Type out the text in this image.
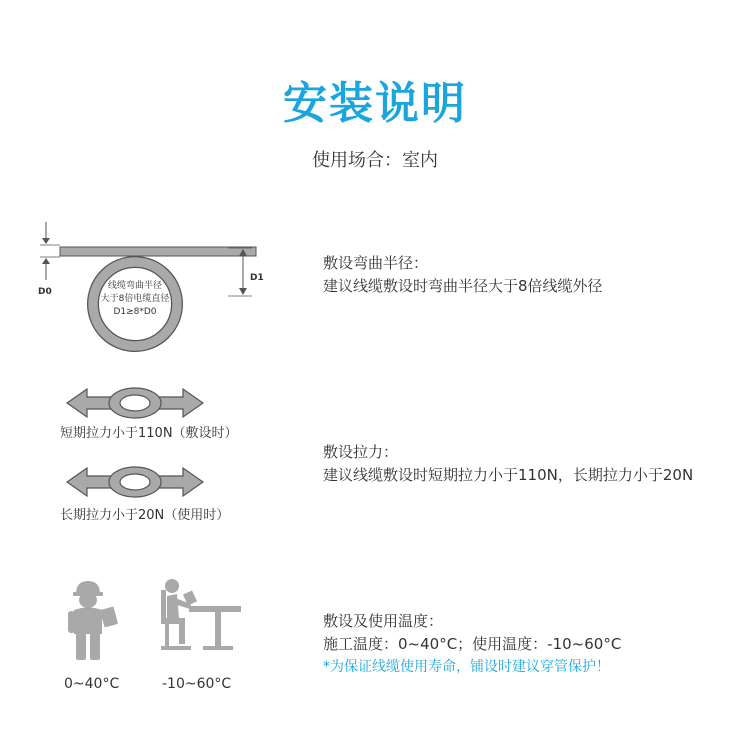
安装说明
使用场合：室内
D0
D1
线缆弯曲半径
大于8倍电缆直径
D1≥8*D0
敷设弯曲半径：
建议线缆敷设时弯曲半径大于8倍线缆外径
短期拉力小于110N（敷设时）
长期拉力小于20N（使用时）
敷设拉力：
建议线缆敷设时短期拉力小于110N，长期拉力小于20N
0~40°C	-10~60°C
敷设及使用温度：
施工温度：0~40°C；使用温度：-10~60°C
*为保证线缆使用寿命，铺设时建议穿管保护！
